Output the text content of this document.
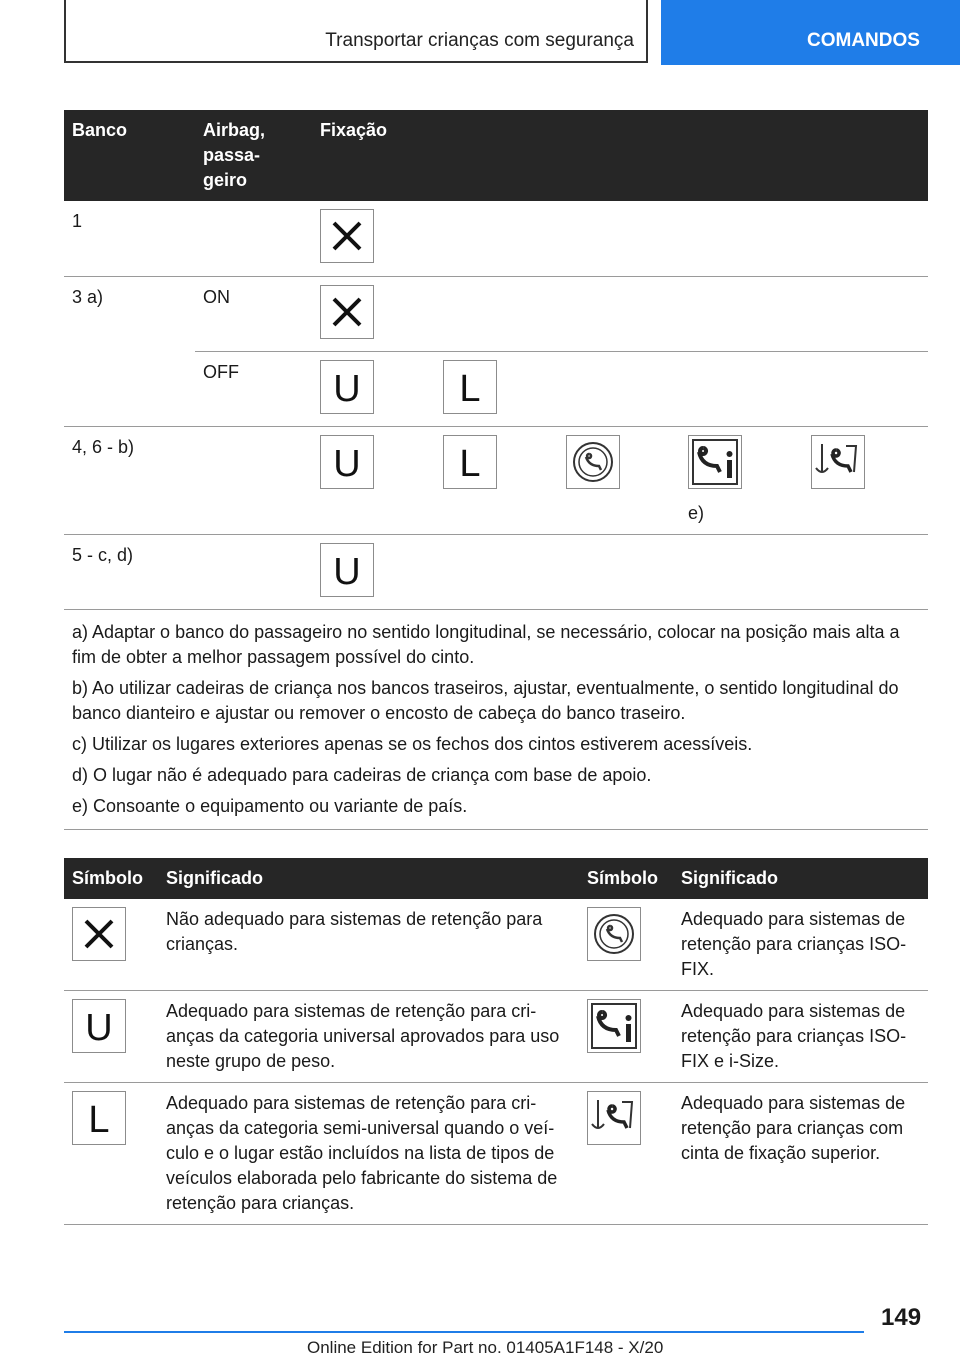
Transportar crianças com segurança	COMANDOS
Banco	Airbag, passa-geiro	Fixação				
1		

3 a)	ON	

	OFF	U	L			

4, 6 - b)		U	L		e)

5 - c, d)		U				

a) Adaptar o banco do passageiro no sentido longitudinal, se necessário, colocar na posição mais alta a fim de obter a melhor passagem possível do cinto.

b) Ao utilizar cadeiras de criança nos bancos traseiros, ajustar, eventualmente, o sentido longitudinal do banco dianteiro e ajustar ou remover o encosto de cabeça do banco traseiro.

c) Utilizar os lugares exteriores apenas se os fechos dos cintos estiverem acessíveis.

d) O lugar não é adequado para cadeiras de criança com base de apoio.

e) Consoante o equipamento ou variante de país.						

Símbolo	Significado	Símbolo	Significado

	Não adequado para sistemas de retenção para crianças.		Adequado para sistemas de retenção para crianças ISO-FIX.

U	Adequado para sistemas de retenção para cri-anças da categoria universal aprovados para uso neste grupo de peso.		Adequado para sistemas de retenção para crianças ISO-FIX e i-Size.

L	Adequado para sistemas de retenção para cri-anças da categoria semi-universal quando o veí-culo e o lugar estão incluídos na lista de tipos de veículos elaborada pelo fabricante do sistema de retenção para crianças.		Adequado para sistemas de retenção para crianças com cinta de fixação superior.
149
Online Edition for Part no. 01405A1F148 - X/20
